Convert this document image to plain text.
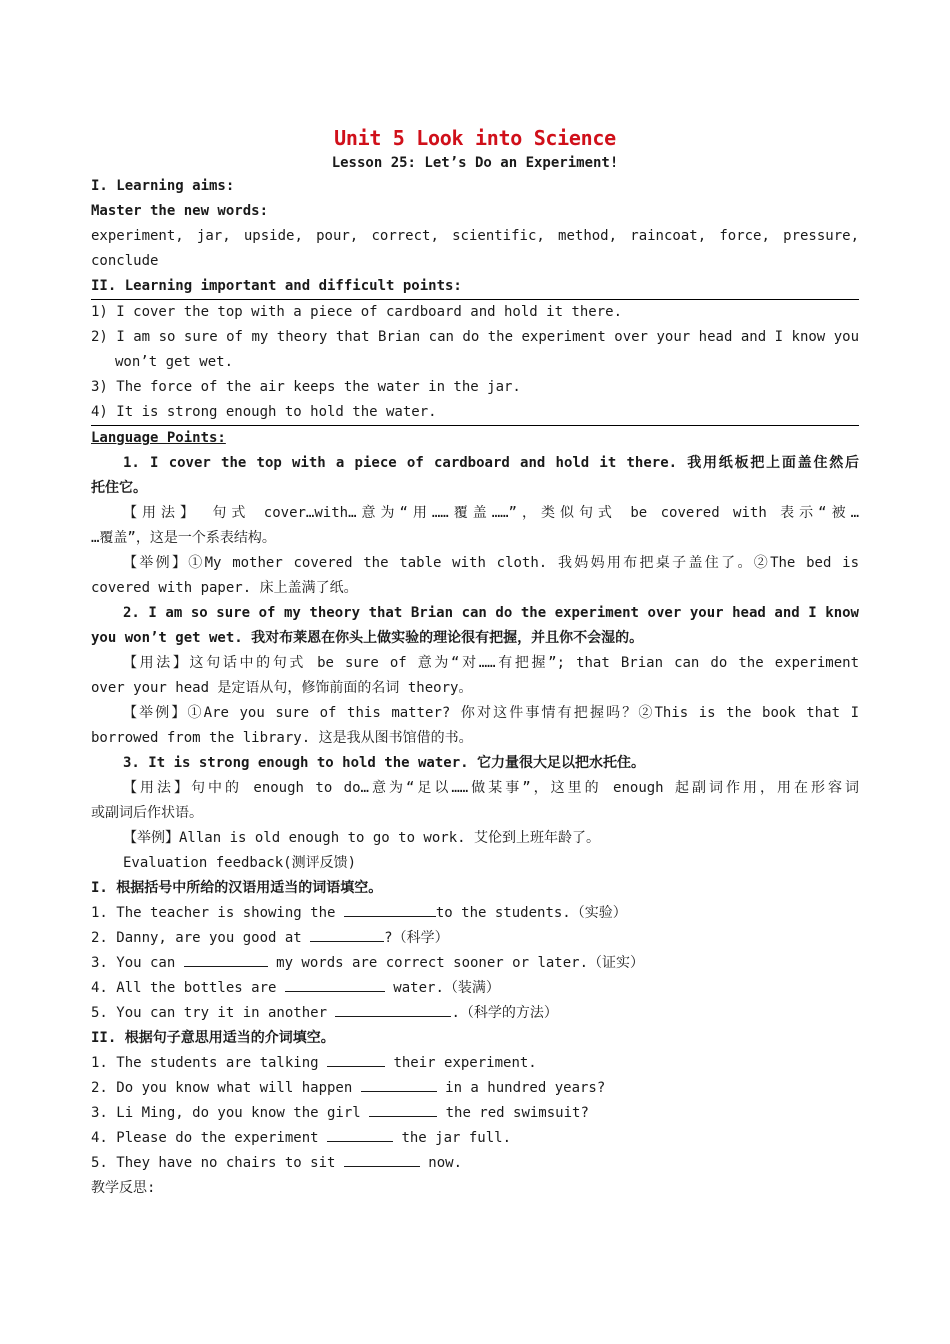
Unit 5 Look into Science
Lesson 25: Let’s Do an Experiment!
I. Learning aims:
Master the new words:
experiment, jar, upside, pour, correct, scientific, method, raincoat, force, pressure,
conclude
II. Learning important and difficult points:
1) I cover the top with a piece of cardboard and hold it there.
2) I am so sure of my theory that Brian can do the experiment over your head and I know you
won’t get wet.
3) The force of the air keeps the water in the jar.
4) It is strong enough to hold the water.
Language Points:
1. I cover the top with a piece of cardboard and hold it there. 我用纸板把上面盖住然后
托住它。
【用法】 句式 cover…with…意为“用……覆盖……”，类似句式 be covered with 表示“被…
…覆盖”，这是一个系表结构。
【举例】①My mother covered the table with cloth. 我妈妈用布把桌子盖住了。②The bed is
covered with paper. 床上盖满了纸。
2. I am so sure of my theory that Brian can do the experiment over your head and I know
you won’t get wet. 我对布莱恩在你头上做实验的理论很有把握，并且你不会湿的。
【用法】这句话中的句式 be sure of 意为“对……有把握”; that Brian can do the experiment
over your head 是定语从句，修饰前面的名词 theory。
【举例】①Are you sure of this matter? 你对这件事情有把握吗？②This is the book that I
borrowed from the library. 这是我从图书馆借的书。
3. It is strong enough to hold the water. 它力量很大足以把水托住。
【用法】句中的 enough to do…意为“足以……做某事”，这里的 enough 起副词作用，用在形容词
或副词后作状语。
【举例】Allan is old enough to go to work. 艾伦到上班年龄了。
Evaluation feedback(测评反馈)
I. 根据括号中所给的汉语用适当的词语填空。
1. The teacher is showing the	to the students.（实验）
2. Danny, are you good at	?（科学）
3. You can	my words are correct sooner or later.（证实）
4. All the bottles are	water.（装满）
5. You can try it in another	.（科学的方法）
II. 根据句子意思用适当的介词填空。
1. The students are talking	their experiment.
2. Do you know what will happen	in a hundred years?
3. Li Ming, do you know the girl	the red swimsuit?
4. Please do the experiment	the jar full.
5. They have no chairs to sit	now.
教学反思:
